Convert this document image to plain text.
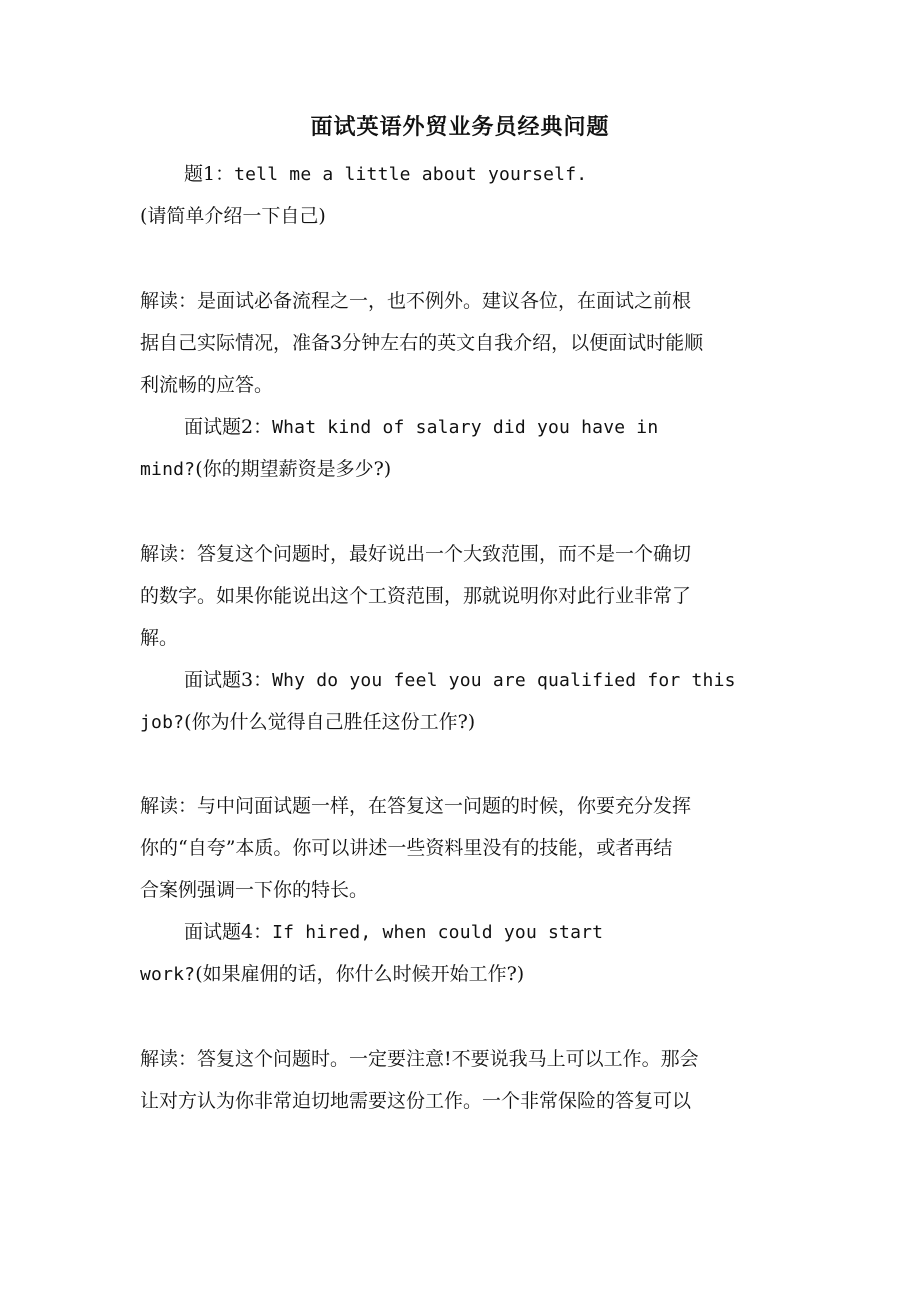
面试英语外贸业务员经典问题
题1：tell me a little about yourself.
(请简单介绍一下自己)
解读：是面试必备流程之一，也不例外。建议各位，在面试之前根
据自己实际情况，准备3分钟左右的英文自我介绍，以便面试时能顺
利流畅的应答。
面试题2：What kind of salary did you have in
mind?(你的期望薪资是多少?)
解读：答复这个问题时，最好说出一个大致范围，而不是一个确切
的数字。如果你能说出这个工资范围，那就说明你对此行业非常了
解。
面试题3：Why do you feel you are qualified for this
job?(你为什么觉得自己胜任这份工作?)
解读：与中问面试题一样，在答复这一问题的时候，你要充分发挥
你的“自夸”本质。你可以讲述一些资料里没有的技能，或者再结
合案例强调一下你的特长。
面试题4：If hired, when could you start
work?(如果雇佣的话，你什么时候开始工作?)
解读：答复这个问题时。一定要注意!不要说我马上可以工作。那会
让对方认为你非常迫切地需要这份工作。一个非常保险的答复可以
